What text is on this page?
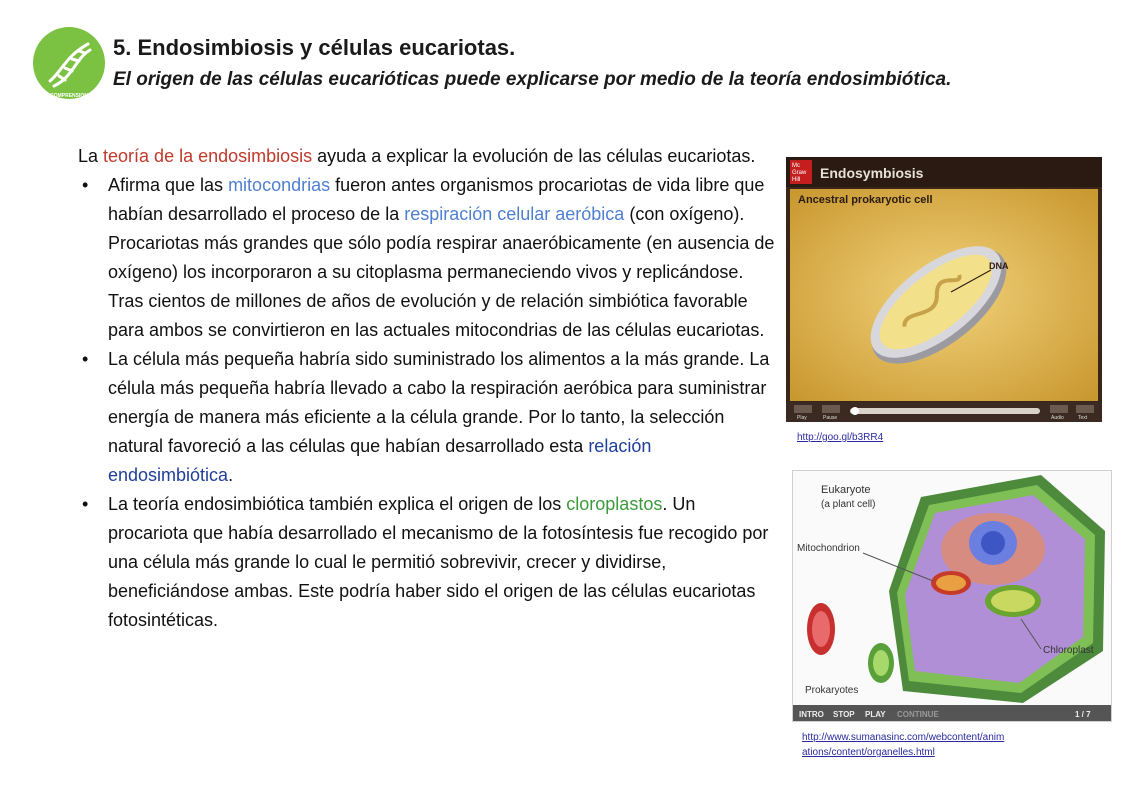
COMPRENSION
5. Endosimbiosis y células eucariotas.
El origen de las células eucarióticas puede explicarse por medio de la teoría endosimbiótica.

La teoría de la endosimbiosis ayuda a explicar la evolución de las células eucariotas.

• Afirma que las mitocondrias fueron antes organismos procariotas de vida libre que habían desarrollado el proceso de la respiración celular aeróbica (con oxígeno). Procariotas más grandes que sólo podía respirar anaeróbicamente (en ausencia de oxígeno) los incorporaron a su citoplasma permaneciendo vivos y replicándose. Tras cientos de millones de años de evolución y de relación simbiótica favorable para ambos se convirtieron en las actuales mitocondrias de las células eucariotas.
• La célula más pequeña habría sido suministrado los alimentos a la más grande. La célula más pequeña habría llevado a cabo la respiración aeróbica para suministrar energía de manera más eficiente a la célula grande. Por lo tanto, la selección natural favoreció a las células que habían desarrollado esta relación endosimbiótica.
• La teoría endosimbiótica también explica el origen de los cloroplastos. Un procariota que había desarrollado el mecanismo de la fotosíntesis fue recogido por una célula más grande lo cual le permitió sobrevivir, crecer y dividirse, beneficiándose ambas. Este podría haber sido el origen de las células eucariotas fotosintéticas.
Mc
Graw
Hill Endosymbiosis
Ancestral prokaryotic cell
DNA
Play	Pause	Audio	Text
http://goo.gl/b3RR4
Eukaryote
(a plant cell)
Mitochondrion
Chloroplast
Prokaryotes
INTRO STOP PLAY CONTINUE	1 / 7
http://www.sumanasinc.com/webcontent/anim
ations/content/organelles.html
